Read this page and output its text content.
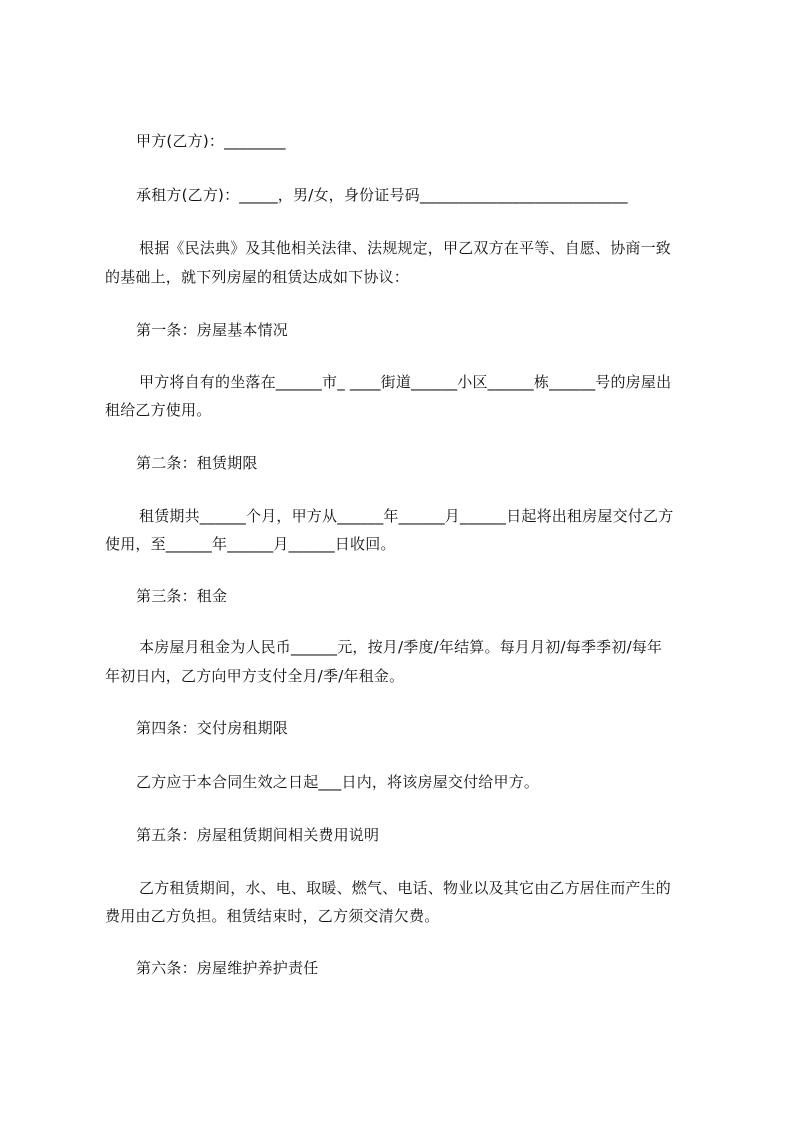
甲方(乙方)：________
承租方(乙方)：_____，男/女，身份证号码___________________________
根据《民法典》及其他相关法律、法规规定，甲乙双方在平等、自愿、协商一致
的基础上，就下列房屋的租赁达成如下协议：
第一条：房屋基本情况
甲方将自有的坐落在______市_ ____街道______小区______栋______号的房屋出
租给乙方使用。
第二条：租赁期限
租赁期共______个月，甲方从______年______月______日起将出租房屋交付乙方
使用，至______年______月______日收回。
第三条：租金
本房屋月租金为人民币______元，按月/季度/年结算。每月月初/每季季初/每年
年初日内，乙方向甲方支付全月/季/年租金。
第四条：交付房租期限
乙方应于本合同生效之日起___日内，将该房屋交付给甲方。
第五条：房屋租赁期间相关费用说明
乙方租赁期间，水、电、取暖、燃气、电话、物业以及其它由乙方居住而产生的
费用由乙方负担。租赁结束时，乙方须交清欠费。
第六条：房屋维护养护责任
